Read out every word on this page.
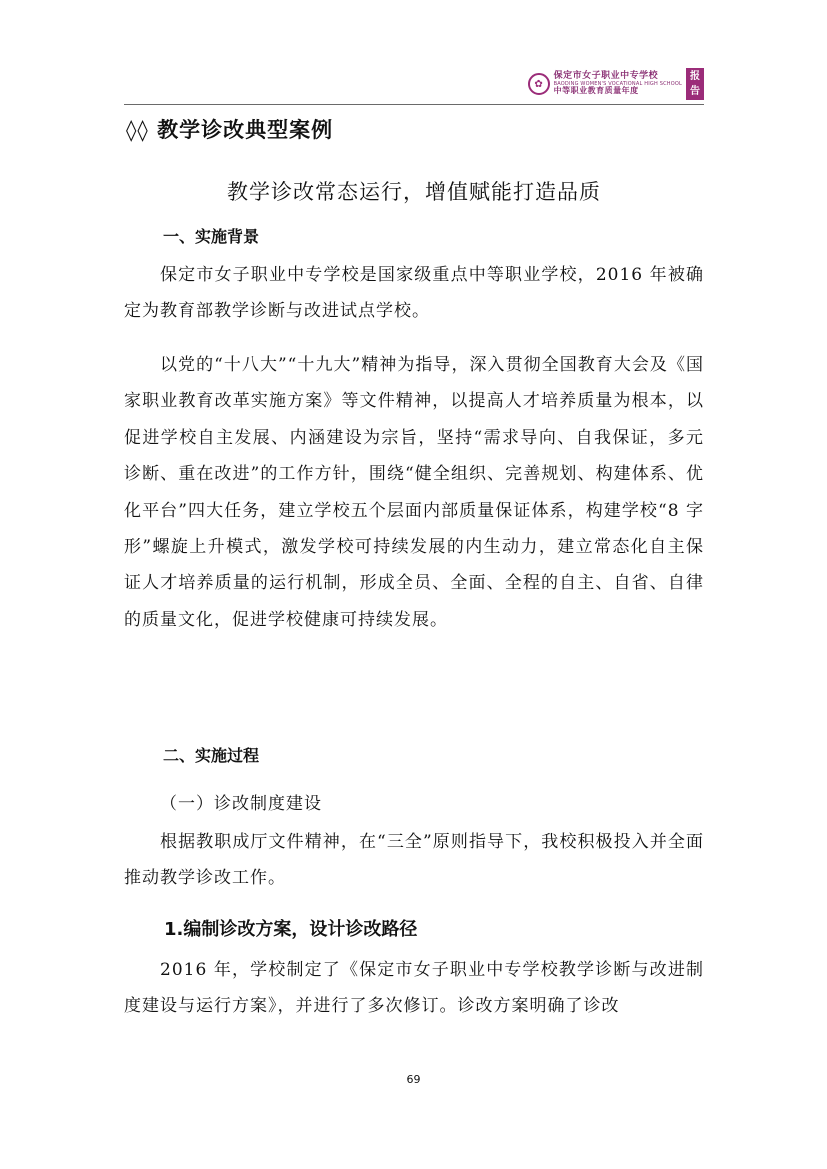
✿
保定市女子职业中专学校
BAODING WOMEN'S VOCATIONAL HIGH SCHOOL
中等职业教育质量年度
报告
◊◊ 教学诊改典型案例
教学诊改常态运行，增值赋能打造品质
一、实施背景
保定市女子职业中专学校是国家级重点中等职业学校，2016 年被确定为教育部教学诊断与改进试点学校。
以党的“十八大”“十九大”精神为指导，深入贯彻全国教育大会及《国家职业教育改革实施方案》等文件精神，以提高人才培养质量为根本，以促进学校自主发展、内涵建设为宗旨，坚持“需求导向、自我保证，多元诊断、重在改进”的工作方针，围绕“健全组织、完善规划、构建体系、优化平台”四大任务，建立学校五个层面内部质量保证体系，构建学校“8 字形”螺旋上升模式，激发学校可持续发展的内生动力，建立常态化自主保证人才培养质量的运行机制，形成全员、全面、全程的自主、自省、自律的质量文化，促进学校健康可持续发展。
二、实施过程
（一）诊改制度建设
根据教职成厅文件精神，在“三全”原则指导下，我校积极投入并全面推动教学诊改工作。
1.编制诊改方案，设计诊改路径
2016 年，学校制定了《保定市女子职业中专学校教学诊断与改进制度建设与运行方案》，并进行了多次修订。诊改方案明确了诊改
69
